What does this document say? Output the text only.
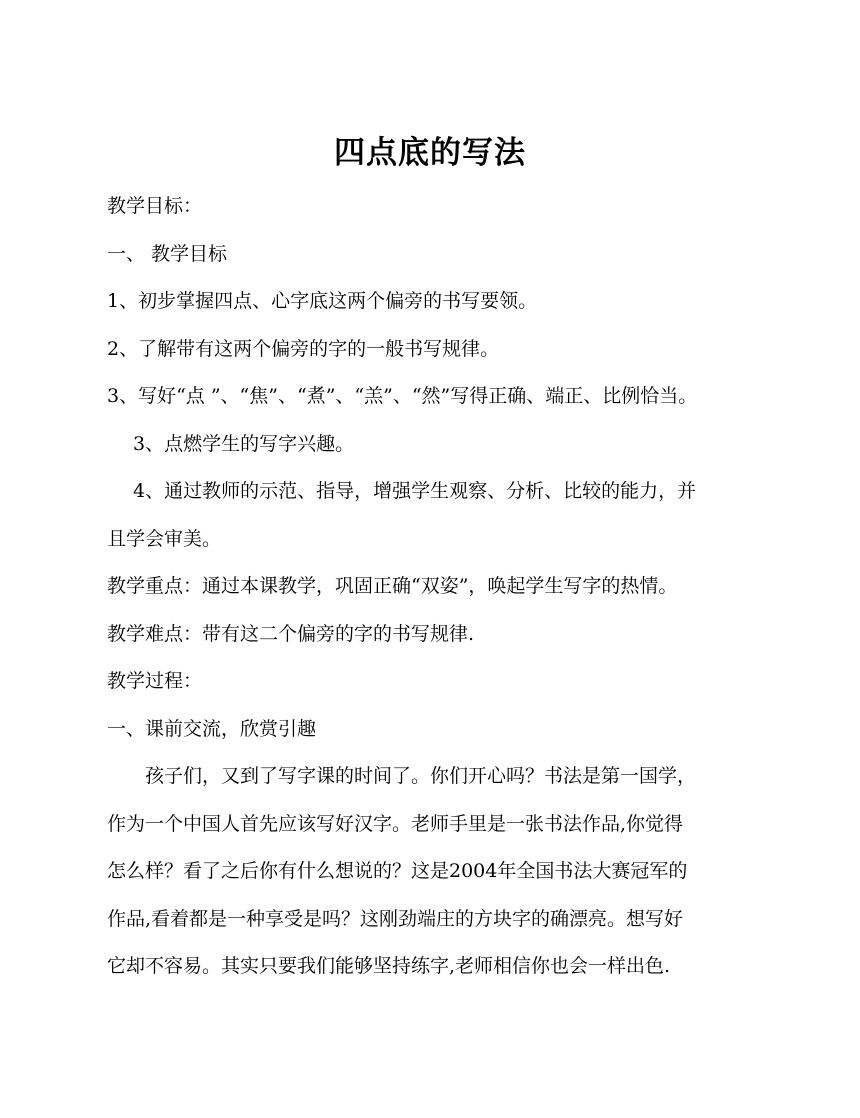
四点底的写法

教学目标：

一、 教学目标

1、初步掌握四点、心字底这两个偏旁的书写要领。

2、了解带有这两个偏旁的字的一般书写规律。

3、写好“点 ”、“焦”、“煮”、“羔”、“然”写得正确、端正、比例恰当。

3、点燃学生的写字兴趣。

4、通过教师的示范、指导，增强学生观察、分析、比较的能力，并

且学会审美。

教学重点：通过本课教学，巩固正确“双姿”，唤起学生写字的热情。

教学难点：带有这二个偏旁的字的书写规律.

教学过程：

一、课前交流，欣赏引趣

孩子们，又到了写字课的时间了。你们开心吗？书法是第一国学，

作为一个中国人首先应该写好汉字。老师手里是一张书法作品,你觉得

怎么样？看了之后你有什么想说的？这是2004年全国书法大赛冠军的

作品,看着都是一种享受是吗？这刚劲端庄的方块字的确漂亮。想写好

它却不容易。其实只要我们能够坚持练字,老师相信你也会一样出色.
